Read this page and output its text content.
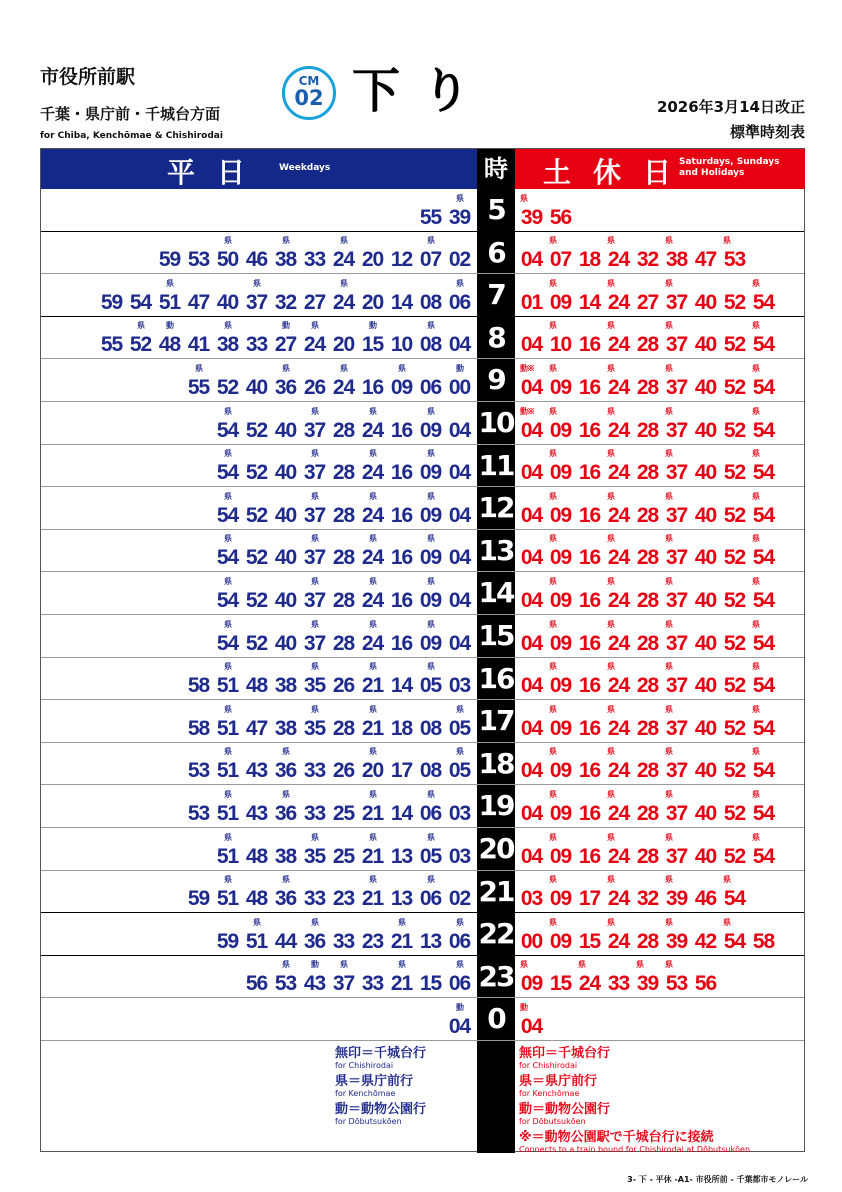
市役所前駅
千葉・県庁前・千城台方面
for Chiba, Kenchōmae & Chishirodai
CM
02 下り	2026年3月14日改正
標準時刻表
平日 Weekdays	時 土休日
Saturdays, Sundays
and Holidays
55 39
県 5 39
県
56
59 53 50
県
46 38
県
33 24
県
20 12 07
県
02 6 04 07
県
18 24
県
32 38
県
47 53
県
59 54 51
県
47 40 37
県
32 27 24
県
20 14 08 06
県 7 01 09
県
14 24
県
27 37
県
40 52 54
県
55 52
県
48
動
41 38
県
33 27
動
24
県
20 15
動
10 08
県
04 8 04 10
県
16 24
県
28 37
県
40 52 54
県
55
県
52 40 36
県
26 24
県
16 09
県
06 00
動 9 04
動※
09
県
16 24
県
28 37
県
40 52 54
県
54
県
52 40 37
県
28 24
県
16 09
県
04 10 04
動※
09
県
16 24
県
28 37
県
40 52 54
県
54
県
52 40 37
県
28 24
県
16 09
県
04 11 04 09
県
16 24
県
28 37
県
40 52 54
県
54
県
52 40 37
県
28 24
県
16 09
県
04 12 04 09
県
16 24
県
28 37
県
40 52 54
県
54
県
52 40 37
県
28 24
県
16 09
県
04 13 04 09
県
16 24
県
28 37
県
40 52 54
県
54
県
52 40 37
県
28 24
県
16 09
県
04 14 04 09
県
16 24
県
28 37
県
40 52 54
県
54
県
52 40 37
県
28 24
県
16 09
県
04 15 04 09
県
16 24
県
28 37
県
40 52 54
県
58 51
県
48 38 35
県
26 21
県
14 05
県
03 16 04 09
県
16 24
県
28 37
県
40 52 54
県
58 51
県
47 38 35
県
28 21
県
18 08 05
県 17 04 09
県
16 24
県
28 37
県
40 52 54
県
53 51
県
43 36
県
33 26 20
県
17 08 05
県 18 04 09
県
16 24
県
28 37
県
40 52 54
県
53 51
県
43 36
県
33 25 21
県
14 06
県
03 19 04 09
県
16 24
県
28 37
県
40 52 54
県
51
県
48 38 35
県
25 21
県
13 05
県
03 20 04 09
県
16 24
県
28 37
県
40 52 54
県
59 51
県
48 36
県
33 23 21
県
13 06
県
02 21 03 09
県
17 24
県
32 39
県
46 54
県
59 51
県
44 36
県
33 23 21
県
13 06
県 22 00 09
県
15 24
県
28 39
県
42 54
県
58
56 53
県
43
動
37
県
33 21
県
15 06
県 23 09
県
15 24
県
33 39
県
53
県
56
04
動 0 04
動
無印＝千城台行
for Chishirodai
県＝県庁前行
for Kenchōmae
動＝動物公園行
for Dōbutsukōen
無印＝千城台行
for Chishirodai
県＝県庁前行
for Kenchōmae
動＝動物公園行
for Dōbutsukōen
※＝動物公園駅で千城台行に接続
Connects to a train bound for Chishirodai at Dōbutsukōen
3- 下 - 平休 -A1- 市役所前 - 千葉都市モノレール
